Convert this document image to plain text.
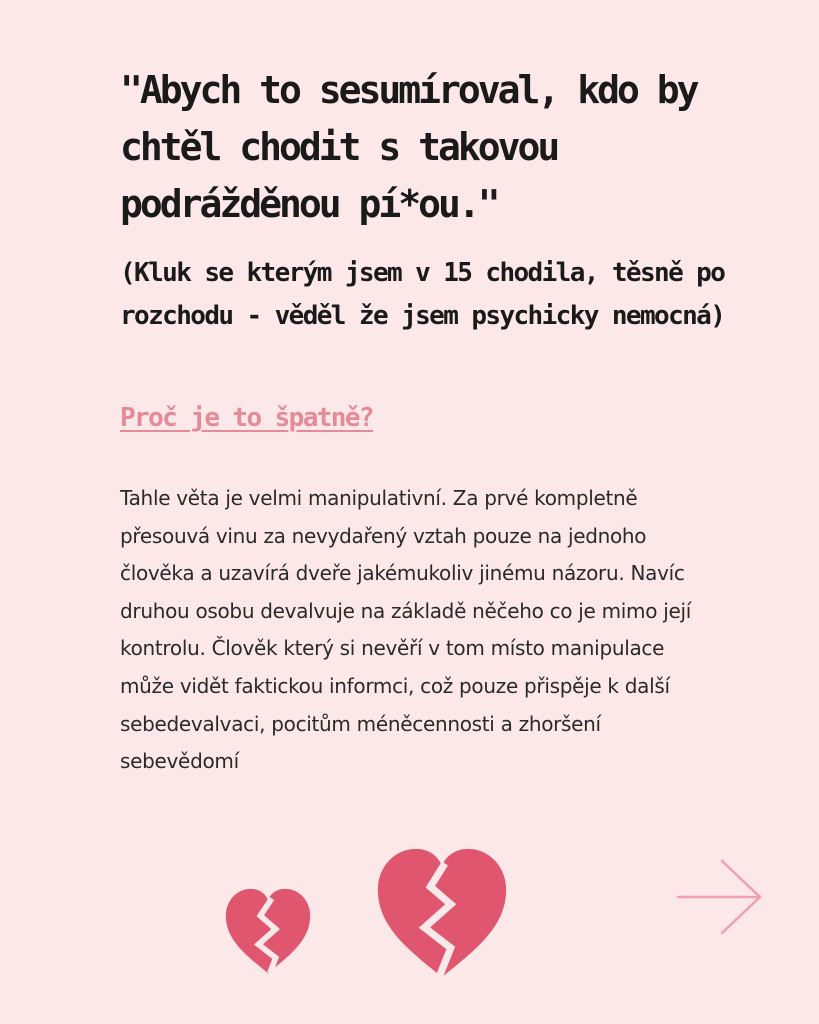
"Abych to sesumíroval, kdo by chtěl chodit s takovou podrážděnou pí*ou."

(Kluk se kterým jsem v 15 chodila, těsně po rozchodu - věděl že jsem psychicky nemocná)

Proč je to špatně?

Tahle věta je velmi manipulativní. Za prvé kompletně přesouvá vinu za nevydařený vztah pouze na jednoho člověka a uzavírá dveře jakémukoliv jinému názoru. Navíc druhou osobu devalvuje na základě něčeho co je mimo její kontrolu. Člověk který si nevěří v tom místo manipulace může vidět faktickou informci, což pouze přispěje k další sebedevalvaci, pocitům méněcennosti a zhoršení sebevědomí
